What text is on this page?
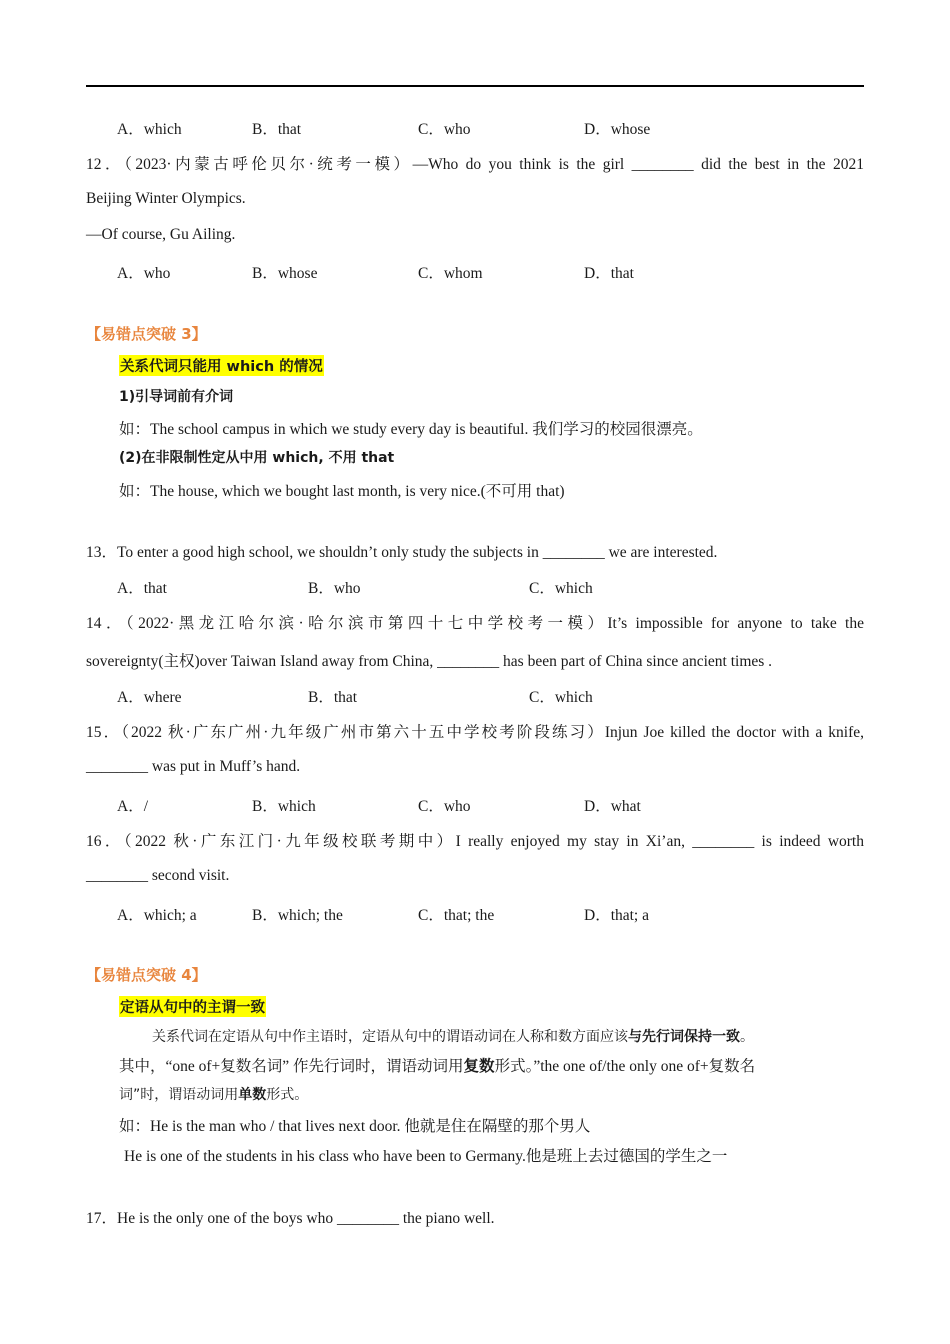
A．which	B．that	C．who	D．whose
12．（2023·内蒙古呼伦贝尔·统考一模）—Who do you think is the girl ________ did the best in the 2021
Beijing Winter Olympics.
—Of course, Gu Ailing.
A．who	B．whose	C．whom	D．that
【易错点突破 3】
关系代词只能用 which 的情况
1)引导词前有介词
如：The school campus in which we study every day is beautiful. 我们学习的校园很漂亮。
(2)在非限制性定从中用 which, 不用 that
如：The house, which we bought last month, is very nice.(不可用 that)
13．To enter a good high school, we shouldn’t only study the subjects in ________ we are interested.
A．that	B．who	C．which
14．（2022·黑龙江哈尔滨·哈尔滨市第四十七中学校考一模）It’s impossible for anyone to take the
sovereignty(主权)over Taiwan Island away from China, ________ has been part of China since ancient times .
A．where	B．that	C．which
15．（2022 秋·广东广州·九年级广州市第六十五中学校考阶段练习）Injun Joe killed the doctor with a knife,
________ was put in Muff’s hand.
A．/	B．which	C．who	D．what
16．（2022 秋·广东江门·九年级校联考期中）I really enjoyed my stay in Xi’an, ________ is indeed worth
________ second visit.
A．which; a	B．which; the	C．that; the	D．that; a
【易错点突破 4】
定语从句中的主谓一致
关系代词在定语从句中作主语时，定语从句中的谓语动词在人称和数方面应该与先行词保持一致。
其中，“one of+复数名词” 作先行词时，谓语动词用复数形式。”the one of/the only one of+复数名
词”时，谓语动词用单数形式。
如：He is the man who / that lives next door. 他就是住在隔壁的那个男人
He is one of the students in his class who have been to Germany.他是班上去过德国的学生之一
17．He is the only one of the boys who ________ the piano well.
